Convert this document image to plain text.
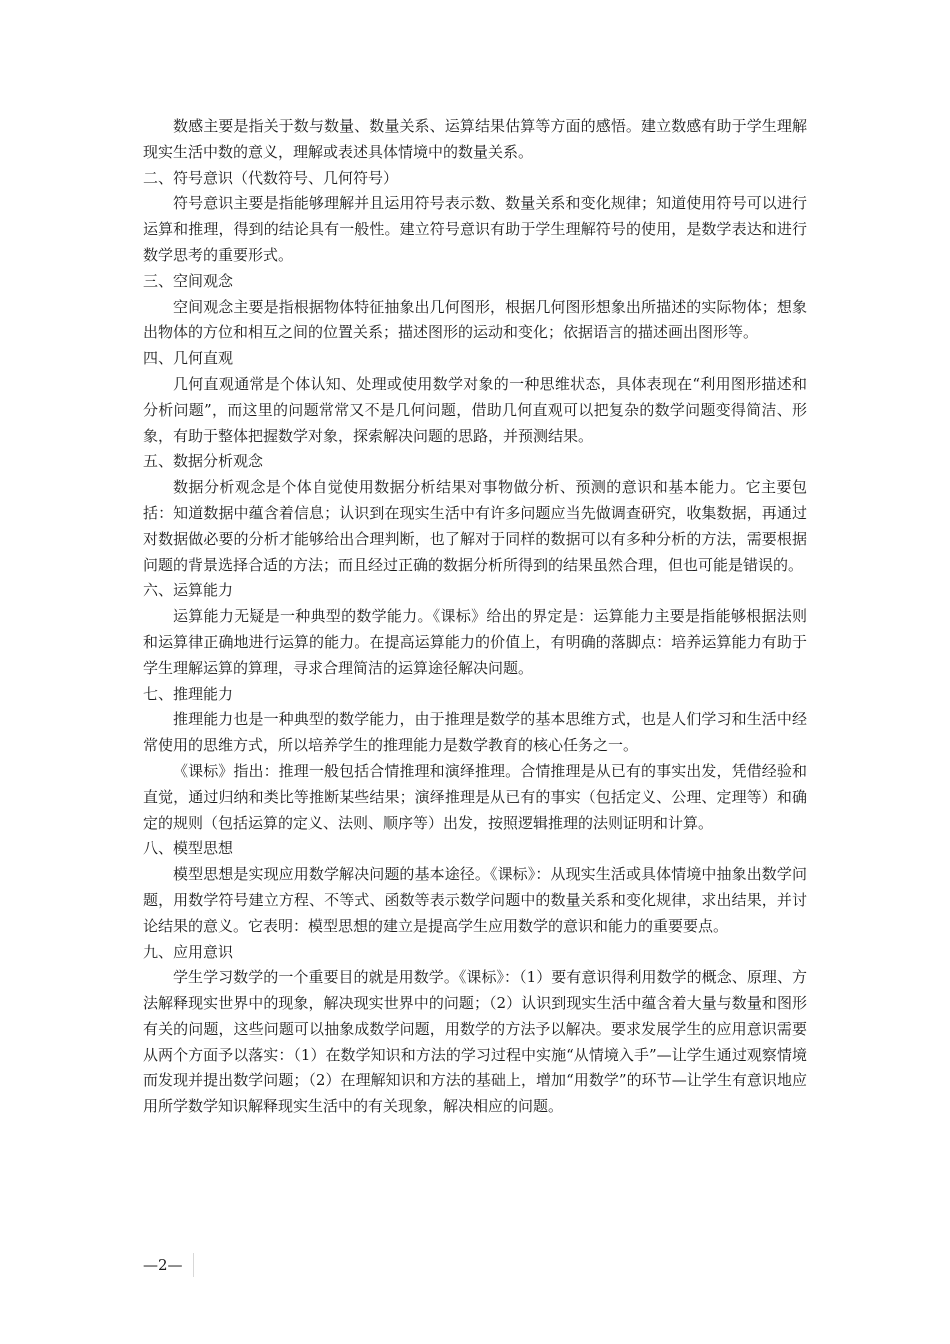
数感主要是指关于数与数量、数量关系、运算结果估算等方面的感悟。建立数感有助于学生理解现实生活中数的意义，理解或表述具体情境中的数量关系。

二、符号意识（代数符号、几何符号）

符号意识主要是指能够理解并且运用符号表示数、数量关系和变化规律；知道使用符号可以进行运算和推理，得到的结论具有一般性。建立符号意识有助于学生理解符号的使用，是数学表达和进行数学思考的重要形式。

三、空间观念

空间观念主要是指根据物体特征抽象出几何图形，根据几何图形想象出所描述的实际物体；想象出物体的方位和相互之间的位置关系；描述图形的运动和变化；依据语言的描述画出图形等。

四、几何直观

几何直观通常是个体认知、处理或使用数学对象的一种思维状态，具体表现在“利用图形描述和分析问题”，而这里的问题常常又不是几何问题，借助几何直观可以把复杂的数学问题变得简洁、形象，有助于整体把握数学对象，探索解决问题的思路，并预测结果。

五、数据分析观念

数据分析观念是个体自觉使用数据分析结果对事物做分析、预测的意识和基本能力。它主要包括：知道数据中蕴含着信息；认识到在现实生活中有许多问题应当先做调查研究，收集数据，再通过对数据做必要的分析才能够给出合理判断，也了解对于同样的数据可以有多种分析的方法，需要根据问题的背景选择合适的方法；而且经过正确的数据分析所得到的结果虽然合理，但也可能是错误的。

六、运算能力

运算能力无疑是一种典型的数学能力。《课标》给出的界定是：运算能力主要是指能够根据法则和运算律正确地进行运算的能力。在提高运算能力的价值上，有明确的落脚点：培养运算能力有助于学生理解运算的算理，寻求合理简洁的运算途径解决问题。

七、推理能力

推理能力也是一种典型的数学能力，由于推理是数学的基本思维方式，也是人们学习和生活中经常使用的思维方式，所以培养学生的推理能力是数学教育的核心任务之一。

《课标》指出：推理一般包括合情推理和演绎推理。合情推理是从已有的事实出发，凭借经验和直觉，通过归纳和类比等推断某些结果；演绎推理是从已有的事实（包括定义、公理、定理等）和确定的规则（包括运算的定义、法则、顺序等）出发，按照逻辑推理的法则证明和计算。

八、模型思想

模型思想是实现应用数学解决问题的基本途径。《课标》：从现实生活或具体情境中抽象出数学问题，用数学符号建立方程、不等式、函数等表示数学问题中的数量关系和变化规律，求出结果，并讨论结果的意义。它表明：模型思想的建立是提高学生应用数学的意识和能力的重要要点。

九、应用意识

学生学习数学的一个重要目的就是用数学。《课标》：（1）要有意识得利用数学的概念、原理、方法解释现实世界中的现象，解决现实世界中的问题；（2）认识到现实生活中蕴含着大量与数量和图形有关的问题，这些问题可以抽象成数学问题，用数学的方法予以解决。要求发展学生的应用意识需要从两个方面予以落实：（1）在数学知识和方法的学习过程中实施“从情境入手”—让学生通过观察情境而发现并提出数学问题；（2）在理解知识和方法的基础上，增加“用数学”的环节—让学生有意识地应用所学数学知识解释现实生活中的有关现象，解决相应的问题。

—2—
